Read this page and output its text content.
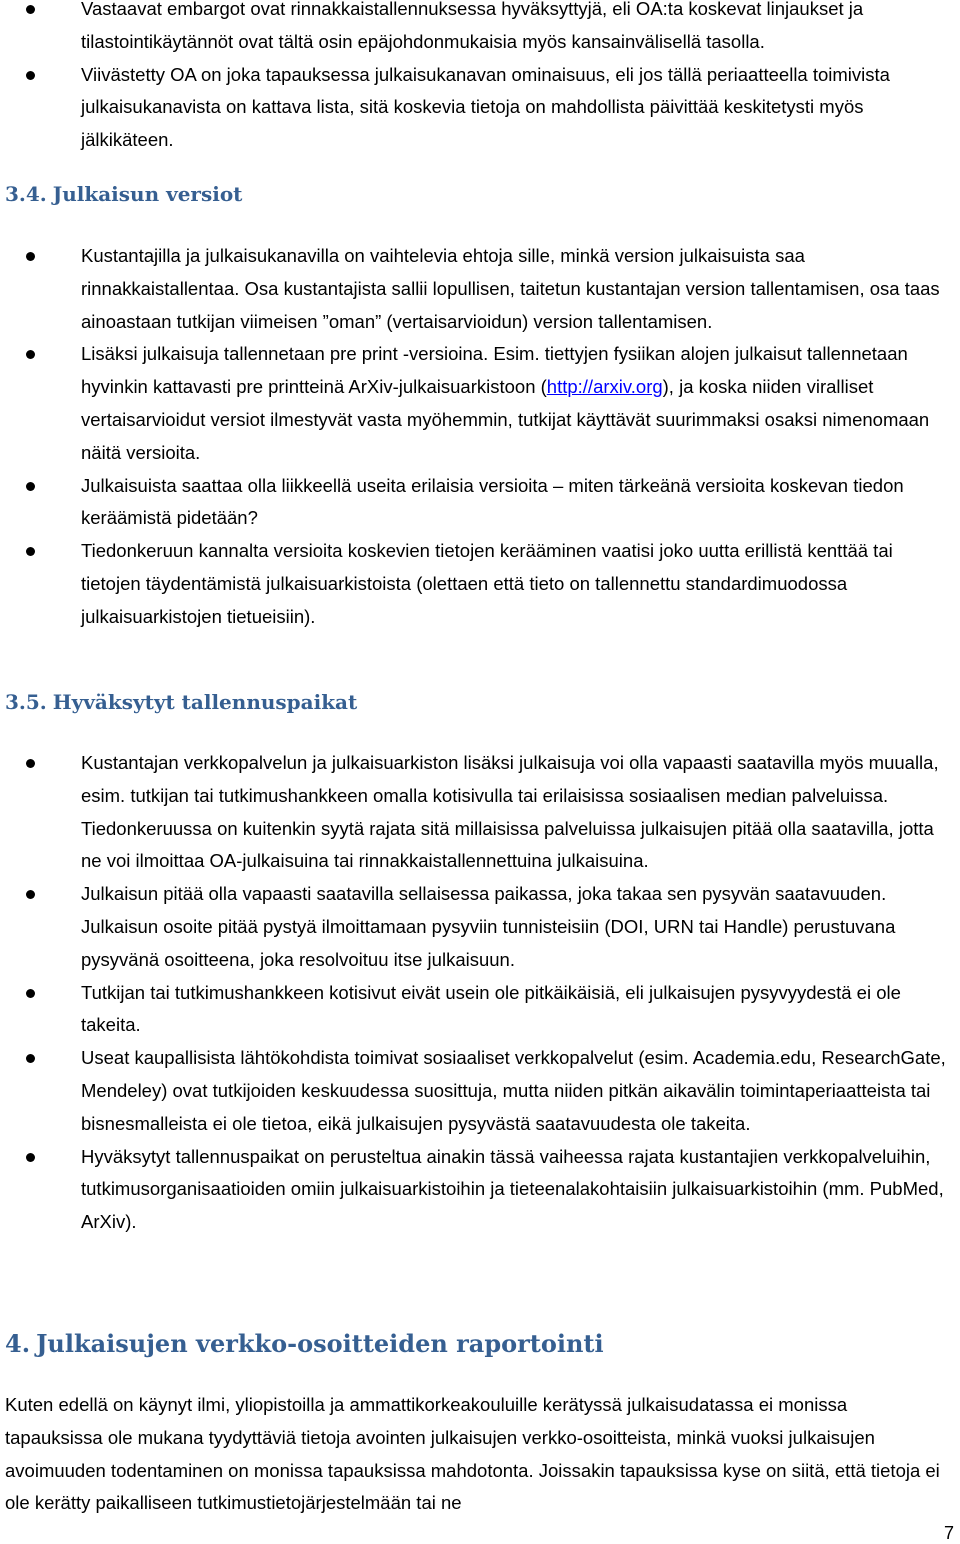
Vastaavat embargot ovat rinnakkaistallennuksessa hyväksyttyjä, eli OA:ta koskevat linjaukset ja tilastointikäytännöt ovat tältä osin epäjohdonmukaisia myös kansainvälisellä tasolla.
Viivästetty OA on joka tapauksessa julkaisukanavan ominaisuus, eli jos tällä periaatteella toimivista julkaisukanavista on kattava lista, sitä koskevia tietoja on mahdollista päivittää keskitetysti myös jälkikäteen.
3.4. Julkaisun versiot
Kustantajilla ja julkaisukanavilla on vaihtelevia ehtoja sille, minkä version julkaisuista saa rinnakkaistallentaa. Osa kustantajista sallii lopullisen, taitetun kustantajan version tallentamisen, osa taas ainoastaan tutkijan viimeisen ”oman” (vertaisarvioidun) version tallentamisen.
Lisäksi julkaisuja tallennetaan pre print -versioina. Esim. tiettyjen fysiikan alojen julkaisut tallennetaan hyvinkin kattavasti pre printteinä ArXiv-julkaisuarkistoon (http://arxiv.org), ja koska niiden viralliset vertaisarvioidut versiot ilmestyvät vasta myöhemmin, tutkijat käyttävät suurimmaksi osaksi nimenomaan näitä versioita.
Julkaisuista saattaa olla liikkeellä useita erilaisia versioita – miten tärkeänä versioita koskevan tiedon keräämistä pidetään?
Tiedonkeruun kannalta versioita koskevien tietojen kerääminen vaatisi joko uutta erillistä kenttää tai tietojen täydentämistä julkaisuarkistoista (olettaen että tieto on tallennettu standardimuodossa julkaisuarkistojen tietueisiin).
3.5. Hyväksytyt tallennuspaikat
Kustantajan verkkopalvelun ja julkaisuarkiston lisäksi julkaisuja voi olla vapaasti saatavilla myös muualla, esim. tutkijan tai tutkimushankkeen omalla kotisivulla tai erilaisissa sosiaalisen median palveluissa. Tiedonkeruussa on kuitenkin syytä rajata sitä millaisissa palveluissa julkaisujen pitää olla saatavilla, jotta ne voi ilmoittaa OA-julkaisuina tai rinnakkaistallennettuina julkaisuina.
Julkaisun pitää olla vapaasti saatavilla sellaisessa paikassa, joka takaa sen pysyvän saatavuuden. Julkaisun osoite pitää pystyä ilmoittamaan pysyviin tunnisteisiin (DOI, URN tai Handle) perustuvana pysyvänä osoitteena, joka resolvoituu itse julkaisuun.
Tutkijan tai tutkimushankkeen kotisivut eivät usein ole pitkäikäisiä, eli julkaisujen pysyvyydestä ei ole takeita.
Useat kaupallisista lähtökohdista toimivat sosiaaliset verkkopalvelut (esim. Academia.edu, ResearchGate, Mendeley) ovat tutkijoiden keskuudessa suosittuja, mutta niiden pitkän aikavälin toimintaperiaatteista tai bisnesmalleista ei ole tietoa, eikä julkaisujen pysyvästä saatavuudesta ole takeita.
Hyväksytyt tallennuspaikat on perusteltua ainakin tässä vaiheessa rajata kustantajien verkkopalveluihin, tutkimusorganisaatioiden omiin julkaisuarkistoihin ja tieteenalakohtaisiin julkaisuarkistoihin (mm. PubMed, ArXiv).
4. Julkaisujen verkko-osoitteiden raportointi

Kuten edellä on käynyt ilmi, yliopistoilla ja ammattikorkeakouluille kerätyssä julkaisudatassa ei monissa tapauksissa ole mukana tyydyttäviä tietoja avointen julkaisujen verkko-osoitteista, minkä vuoksi julkaisujen avoimuuden todentaminen on monissa tapauksissa mahdotonta. Joissakin tapauksissa kyse on siitä, että tietoja ei ole kerätty paikalliseen tutkimustietojärjestelmään tai ne

7
